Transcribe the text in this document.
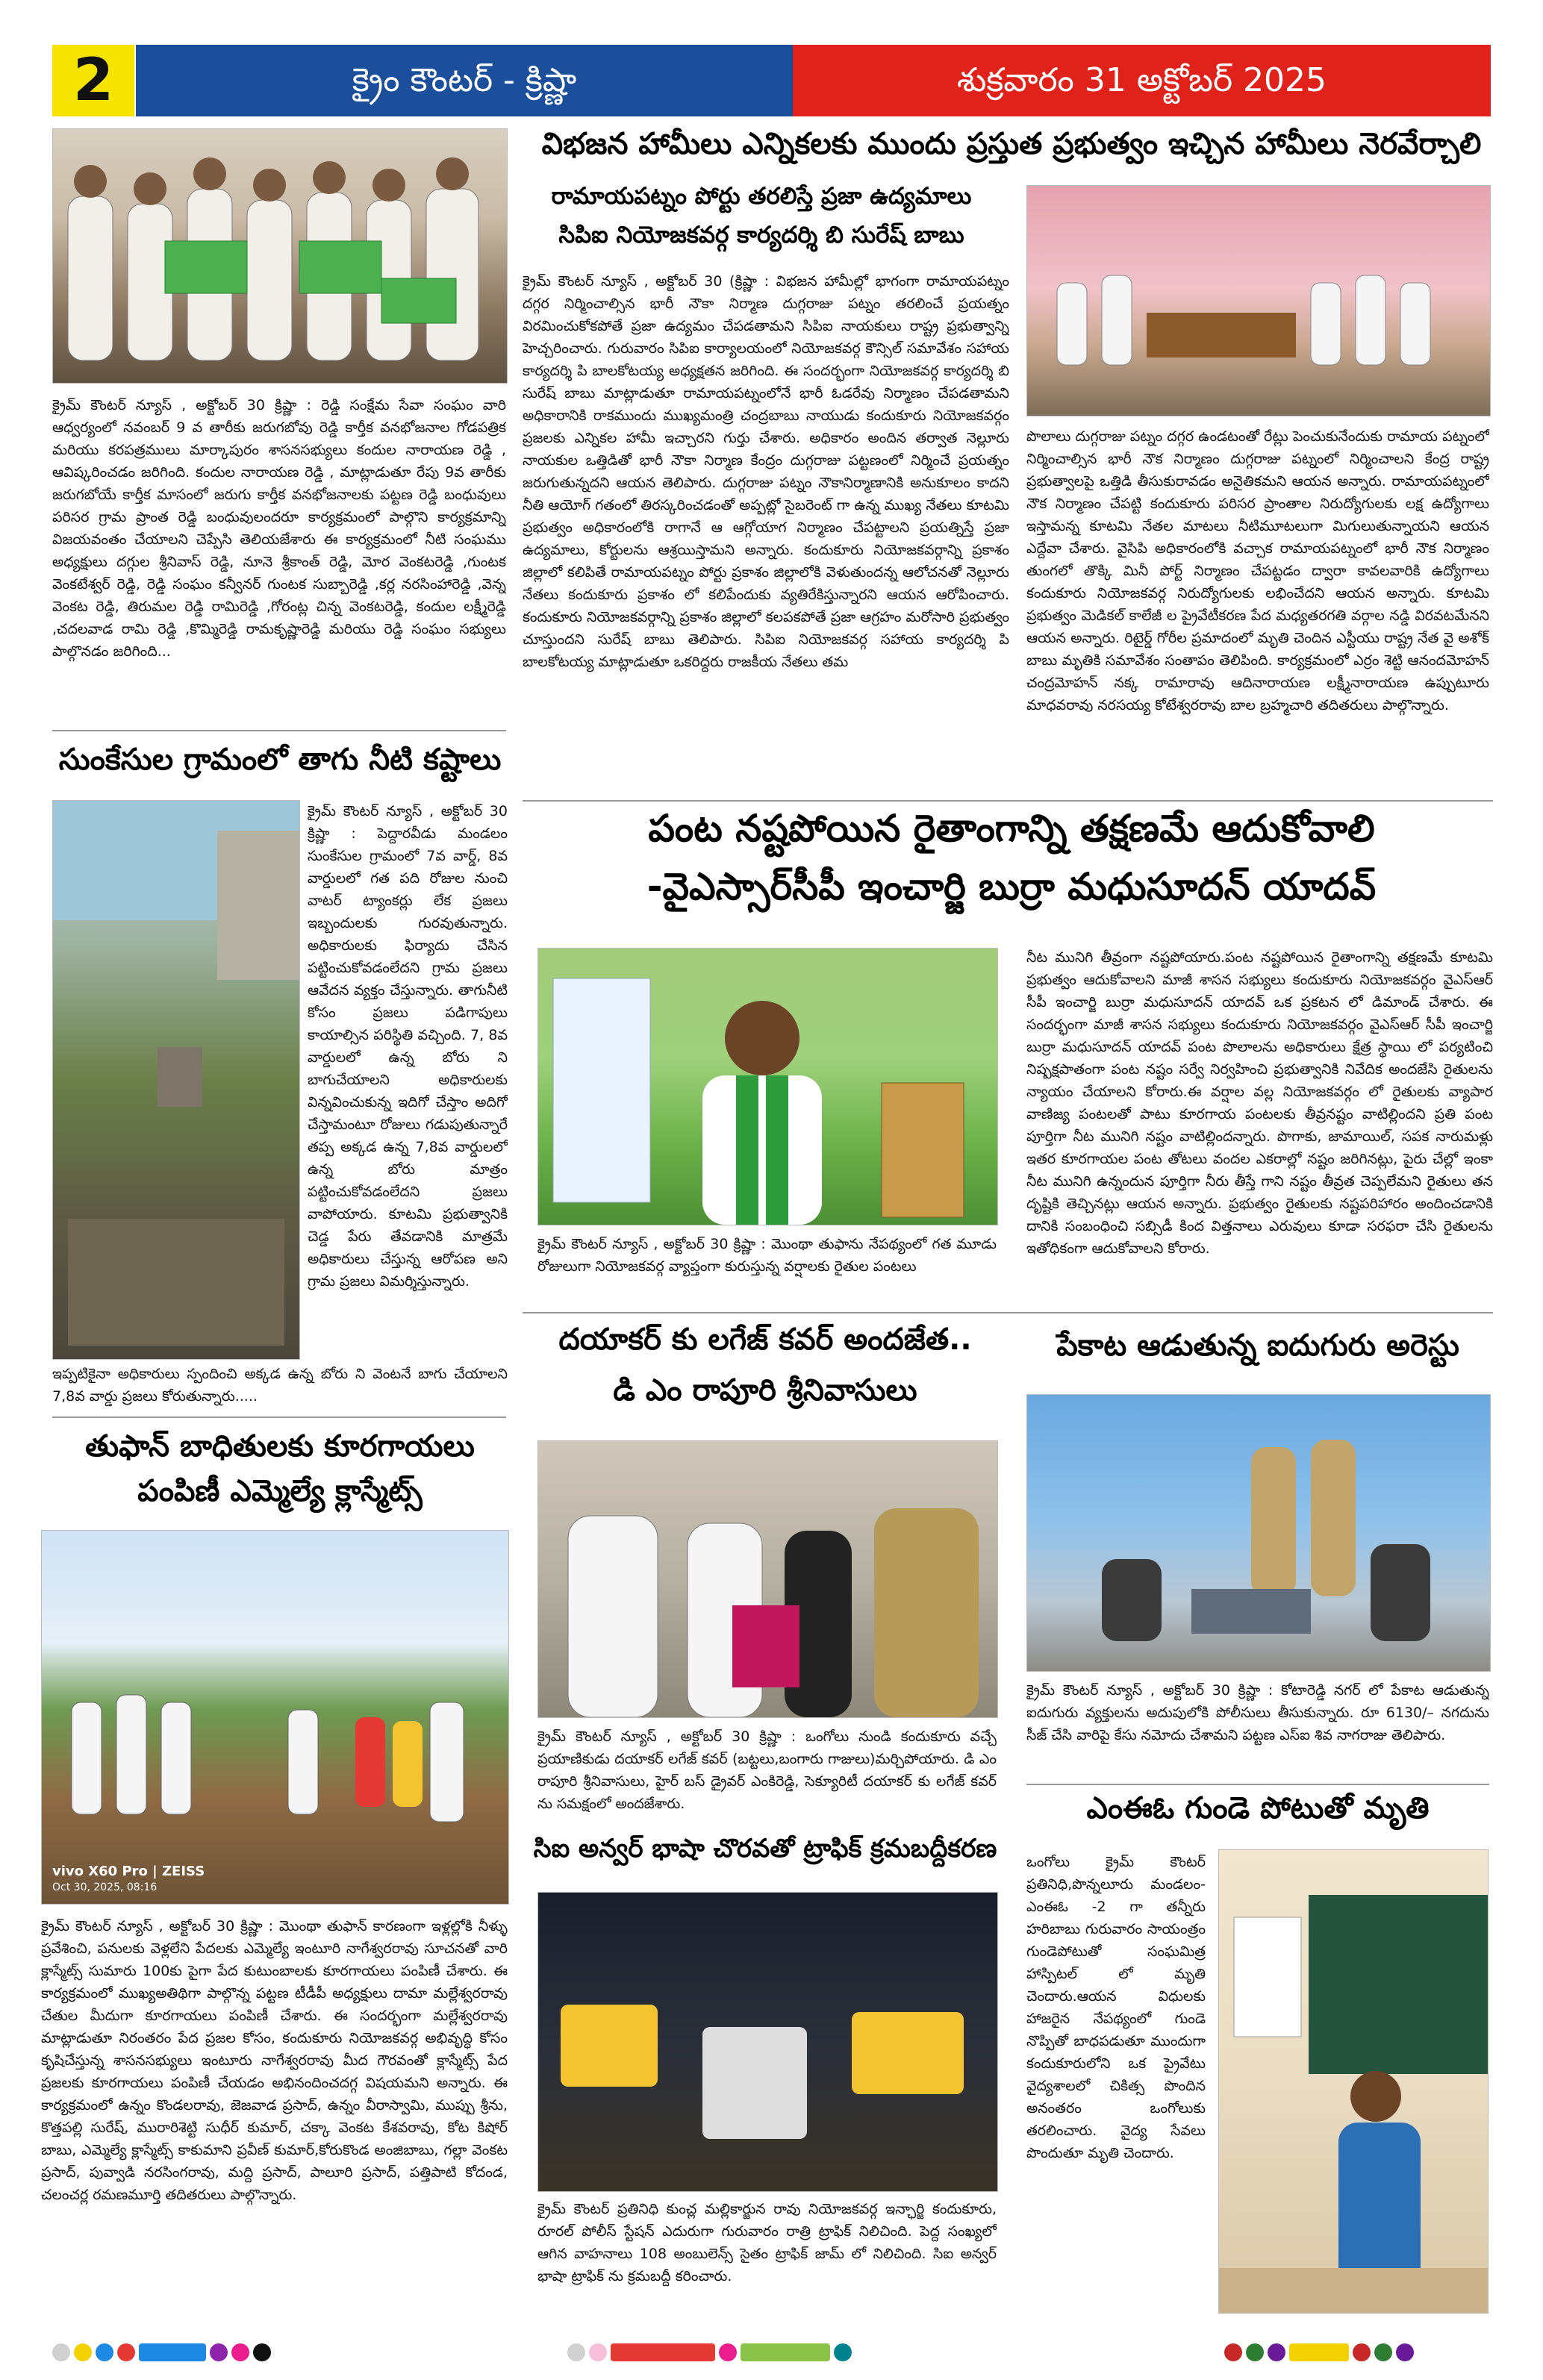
2	క్రైం కౌంటర్ - క్రిష్ణా	శుక్రవారం 31 అక్టోబర్ 2025
క్రైమ్ కౌంటర్ న్యూస్ , అక్టోబర్ 30 క్రిష్ణా : రెడ్డి సంక్షేమ సేవా సంఘం వారి ఆధ్వర్యంలో నవంబర్ 9 వ తారీకు జరుగబోవు రెడ్డి కార్తీక వనభోజనాల గోడపత్రిక మరియు కరపత్రములు మార్కాపురం శాసనసభ్యులు కందుల నారాయణ రెడ్డి , ఆవిష్కరించడం జరిగింది. కందుల నారాయణ రెడ్డి , మాట్లాడుతూ రేపు 9వ తారీకు జరుగబోయే కార్తీక మాసంలో జరుగు కార్తీక వనభోజనాలకు పట్టణ రెడ్డి బంధువులు పరిసర గ్రామ ప్రాంత రెడ్డి బంధువులందరూ కార్యక్రమంలో పాల్గొని కార్యక్రమాన్ని విజయవంతం చేయాలని చెప్పేసి తెలియజేశారు ఈ కార్యక్రమంలో నీటి సంఘము అధ్యక్షులు దగ్గుల శ్రీనివాస్ రెడ్డి, నూనె శ్రీకాంత్ రెడ్డి, మోర వెంకటరెడ్డి ,గుంటక వెంకటేశ్వర్ రెడ్డి, రెడ్డి సంఘం కన్వీనర్ గుంటక సుబ్బారెడ్డి ,కర్ల నరసింహారెడ్డి ,వెన్న వెంకట రెడ్డి, తిరుమల రెడ్డి రామిరెడ్డి ,గోరంట్ల చిన్న వెంకటరెడ్డి, కందుల లక్ష్మీరెడ్డి ,చదలవాడ రామి రెడ్డి ,కొమ్మిరెడ్డి రామకృష్ణారెడ్డి మరియు రెడ్డి సంఘం సభ్యులు పాల్గొనడం జరిగింది...
సుంకేసుల గ్రామంలో తాగు నీటి కష్టాలు
క్రైమ్ కౌంటర్ న్యూస్ , అక్టోబర్ 30 క్రిష్ణా : పెద్దారవీడు మండలం సుంకేసుల గ్రామంలో 7వ వార్డ్, 8వ వార్డులలో గత పది రోజుల నుంచి వాటర్ ట్యాంకర్లు లేక ప్రజలు ఇబ్బందులకు గురవుతున్నారు. అధికారులకు ఫిర్యాదు చేసిన పట్టించుకోవడంలేదని గ్రామ ప్రజలు ఆవేదన వ్యక్తం చేస్తున్నారు. తాగునీటి కోసం ప్రజలు పడిగాపులు కాయాల్సిన పరిస్థితి వచ్చింది. 7, 8వ వార్డులలో ఉన్న బోరు ని బాగుచేయాలని అధికారులకు విన్నవించుకున్న ఇదిగో చేస్తాం అదిగో చేస్తామంటూ రోజులు గడుపుతున్నారే తప్ప అక్కడ ఉన్న 7,8వ వార్డులలో ఉన్న బోరు మాత్రం పట్టించుకోవడంలేదని ప్రజలు వాపోయారు. కూటమి ప్రభుత్వానికి చెడ్డ పేరు తేవడానికి మాత్రమే అధికారులు చేస్తున్న ఆరోపణ అని గ్రామ ప్రజలు విమర్శిస్తున్నారు.
ఇప్పటికైనా అధికారులు స్పందించి అక్కడ ఉన్న బోరు ని వెంటనే బాగు చేయాలని 7,8వ వార్డు ప్రజలు కోరుతున్నారు.....
తుఫాన్ బాధితులకు కూరగాయలు
పంపిణీ ఎమ్మెల్యే క్లాస్మేట్స్
vivo X60 Pro | ZEISS
Oct 30, 2025, 08:16
క్రైమ్ కౌంటర్ న్యూస్ , అక్టోబర్ 30 క్రిష్ణా : మొంథా తుఫాన్ కారణంగా ఇళ్లల్లోకి నీళ్ళు ప్రవేశించి, పనులకు వెళ్లలేని పేదలకు ఎమ్మెల్యే ఇంటూరి నాగేశ్వరరావు సూచనతో వారి క్లాస్మేట్స్ సుమారు 100కు పైగా పేద కుటుంబాలకు కూరగాయలు పంపిణీ చేశారు. ఈ కార్యక్రమంలో ముఖ్యఅతిథిగా పాల్గొన్న పట్టణ టీడీపీ అధ్యక్షులు దామా మల్లేశ్వరరావు చేతుల మీదుగా కూరగాయలు పంపిణీ చేశారు. ఈ సందర్భంగా మల్లేశ్వరరావు మాట్లాడుతూ నిరంతరం పేద ప్రజల కోసం, కందుకూరు నియోజకవర్గ అభివృద్ధి కోసం కృషిచేస్తున్న శాసనసభ్యులు ఇంటూరు నాగేశ్వరరావు మీద గౌరవంతో క్లాస్మేట్స్ పేద ప్రజలకు కూరగాయలు పంపిణీ చేయడం అభినందించదగ్గ విషయమని అన్నారు. ఈ కార్యక్రమంలో ఉన్నం కొండలరావు, జెజవాడ ప్రసాద్, ఉన్నం వీరాస్వామి, ముప్పు శ్రీను, కొత్తపల్లి సురేష్, మురారిశెట్టి సుధీర్ కుమార్, చక్కా వెంకట కేశవరావు, కోట కిషోర్ బాబు, ఎమ్మెల్యే క్లాస్మేట్స్ కాకుమాని ప్రవీణ్ కుమార్,కోరుకొండ అంజిబాబు, గల్లా వెంకట ప్రసాద్, పువ్వాడి నరసింగరావు, మద్ది ప్రసాద్, పాలూరి ప్రసాద్, పత్తిపాటి కోదండ, చలంచర్ల రమణమూర్తి తదితరులు పాల్గొన్నారు.
విభజన హామీలు ఎన్నికలకు ముందు ప్రస్తుత ప్రభుత్వం ఇచ్చిన హామీలు నెరవేర్చాలి
రామాయపట్నం పోర్టు తరలిస్తే ప్రజా ఉద్యమాలు
సిపిఐ నియోజకవర్గ కార్యదర్శి బి సురేష్ బాబు
క్రైమ్ కౌంటర్ న్యూస్ , అక్టోబర్ 30 (క్రిష్ణా : విభజన హామీల్లో భాగంగా రామాయపట్నం దగ్గర నిర్మించాల్సిన భారీ నౌకా నిర్మాణ దుగ్గరాజు పట్నం తరలించే ప్రయత్నం విరమించుకోకపోతే ప్రజా ఉద్యమం చేపడతామని సిపిఐ నాయకులు రాష్ట్ర ప్రభుత్వాన్ని హెచ్చరించారు. గురువారం సిపిఐ కార్యాలయంలో నియోజకవర్గ కౌన్సిల్ సమావేశం సహాయ కార్యదర్శి పి బాలకోటయ్య అధ్యక్షతన జరిగింది. ఈ సందర్భంగా నియోజకవర్గ కార్యదర్శి బి సురేష్ బాబు మాట్లాడుతూ రామాయపట్నంలోనే భారీ ఓడరేవు నిర్మాణం చేపడతామని అధికారానికి రాకముందు ముఖ్యమంత్రి చంద్రబాబు నాయుడు కందుకూరు నియోజకవర్గం ప్రజలకు ఎన్నికల హామీ ఇచ్చారని గుర్తు చేశారు. అధికారం అందిన తర్వాత నెల్లూరు నాయకుల ఒత్తిడితో భారీ నౌకా నిర్మాణ కేంద్రం దుగ్గరాజు పట్టణంలో నిర్మించే ప్రయత్నం జరుగుతున్నదని ఆయన తెలిపారు. దుగ్గరాజు పట్నం నౌకానిర్మాణానికి అనుకూలం కాదని నీతి ఆయోగ్ గతంలో తిరస్కరించడంతో అప్పట్లో సైబరెంట్ గా ఉన్న ముఖ్య నేతలు కూటమి ప్రభుత్వం అధికారంలోకి రాగానే ఆ ఆగ్గోయాగ నిర్మాణం చేపట్టాలని ప్రయత్నిస్తే ప్రజా ఉద్యమాలు, కోర్టులను ఆశ్రయిస్తామని అన్నారు. కందుకూరు నియోజకవర్గాన్ని ప్రకాశం జిల్లాలో కలిపితే రామాయపట్నం పోర్టు ప్రకాశం జిల్లాలోకి వెళుతుందన్న ఆలోచనతో నెల్లూరు నేతలు కందుకూరు ప్రకాశం లో కలిపేందుకు వ్యతిరేకిస్తున్నారని ఆయన ఆరోపించారు. కందుకూరు నియోజకవర్గాన్ని ప్రకాశం జిల్లాలో కలపకపోతే ప్రజా ఆగ్రహం మరోసారి ప్రభుత్వం చూస్తుందని సురేష్ బాబు తెలిపారు. సిపిఐ నియోజకవర్గ సహాయ కార్యదర్శి పి బాలకోటయ్య మాట్లాడుతూ ఒకరిద్దరు రాజకీయ నేతలు తమ
పొలాలు దుగ్గరాజు పట్నం దగ్గర ఉండటంతో రేట్లు పెంచుకునేందుకు రామాయ పట్నంలో నిర్మించాల్సిన భారీ నౌక నిర్మాణం దుగ్గరాజు పట్నంలో నిర్మించాలని కేంద్ర రాష్ట్ర ప్రభుత్వాలపై ఒత్తిడి తీసుకురావడం అనైతికమని ఆయన అన్నారు. రామాయపట్నంలో నౌక నిర్మాణం చేపట్టి కందుకూరు పరిసర ప్రాంతాల నిరుద్యోగులకు లక్ష ఉద్యోగాలు ఇస్తామన్న కూటమి నేతల మాటలు నీటిమూటలుగా మిగులుతున్నాయని ఆయన ఎద్దేవా చేశారు. వైసిపి అధికారంలోకి వచ్చాక రామాయపట్నంలో భారీ నౌక నిర్మాణం తుంగలో తొక్కి మినీ పోర్ట్ నిర్మాణం చేపట్టడం ద్వారా కావలవారికి ఉద్యోగాలు కందుకూరు నియోజకవర్గ నిరుద్యోగులకు లభించేదని ఆయన అన్నారు. కూటమి ప్రభుత్వం మెడికల్ కాలేజీ ల ప్రైవేటీకరణ పేద మధ్యతరగతి వర్గాల నడ్డి విరవటమేనని ఆయన అన్నారు. రిటైర్డ్ గోరీల ప్రమాదంలో మృతి చెందిన ఎస్టీయు రాష్ట్ర నేత వై అశోక్ బాబు మృతికి సమావేశం సంతాపం తెలిపింది. కార్యక్రమంలో ఎర్రం శెట్టి ఆనందమోహన్ చంద్రమోహన్ నక్క రామారావు ఆదినారాయణ లక్ష్మీనారాయణ ఉప్పుటూరు మాధవరావు నరసయ్య కోటేశ్వరరావు బాల బ్రహ్మచారి తదితరులు పాల్గొన్నారు.
పంట నష్టపోయిన రైతాంగాన్ని తక్షణమే ఆదుకోవాలి
-వైఎస్సార్‌సీపీ ఇంచార్జి బుర్రా మధుసూదన్ యాదవ్
క్రైమ్ కౌంటర్ న్యూస్ , అక్టోబర్ 30 క్రిష్ణా : మొంథా తుఫాను నేపథ్యంలో గత మూడు రోజులుగా నియోజకవర్గ వ్యాప్తంగా కురుస్తున్న వర్షాలకు రైతుల పంటలు
నీట మునిగి తీవ్రంగా నష్టపోయారు.పంట నష్టపోయిన రైతాంగాన్ని తక్షణమే కూటమి ప్రభుత్వం ఆదుకోవాలని మాజీ శాసన సభ్యులు కందుకూరు నియోజకవర్గం వైఎస్ఆర్ సీపీ ఇంచార్జి బుర్రా మధుసూదన్ యాదవ్ ఒక ప్రకటన లో డిమాండ్ చేశారు. ఈ సందర్భంగా మాజీ శాసన సభ్యులు కందుకూరు నియోజకవర్గం వైఎస్ఆర్ సీపీ ఇంచార్జి బుర్రా మధుసూదన్ యాదవ్ పంట పొలాలను అధికారులు క్షేత్ర స్థాయి లో పర్యటించి నిష్పక్షపాతంగా పంట నష్టం సర్వే నిర్వహించి ప్రభుత్వానికి నివేదిక అందజేసి రైతులను న్యాయం చేయాలని కోరారు.ఈ వర్షాల వల్ల నియోజకవర్గం లో రైతులకు వ్యాపార వాణిజ్య పంటలతో పాటు కూరగాయ పంటలకు తీవ్రనష్టం వాటిల్లిందని ప్రతి పంట పూర్తిగా నీట మునిగి నష్టం వాటిల్లిందన్నారు. పొగాకు, జామాయిల్, సపక నారుమళ్లు ఇతర కూరగాయల పంట తోటలు వందల ఎకరాల్లో నష్టం జరిగినట్లు, పైరు చేల్లో ఇంకా నీట మునిగి ఉన్నందున పూర్తిగా నీరు తీస్తే గాని నష్టం తీవ్రత చెప్పలేమని రైతులు తన దృష్టికి తెచ్చినట్లు ఆయన అన్నారు. ప్రభుత్వం రైతులకు నష్టపరిహారం అందించడానికి దానికి సంబంధించి సబ్సిడీ కింద విత్తనాలు ఎరువులు కూడా సరఫరా చేసి రైతులను ఇతోధికంగా ఆదుకోవాలని కోరారు.
దయాకర్ కు లగేజ్ కవర్ అందజేత..
డి ఎం రాపూరి శ్రీనివాసులు
క్రైమ్ కౌంటర్ న్యూస్ , అక్టోబర్ 30 క్రిష్ణా : ఒంగోలు నుండి కందుకూరు వచ్చే ప్రయాణికుడు దయాకర్ లగేజ్ కవర్ (బట్టలు,బంగారు గాజులు)మర్చిపోయారు. డి ఎం రాపూరి శ్రీనివాసులు, హైర్ బస్ డ్రైవర్ ఎంకిరెడ్డి, సెక్యూరిటీ దయాకర్ కు లగేజ్ కవర్ ను సమక్షంలో అందజేశారు.
సిఐ అన్వర్ భాషా చొరవతో ట్రాఫిక్ క్రమబద్దీకరణ
క్రైమ్ కౌంటర్ ప్రతినిధి కుంచ్ల మల్లికార్జున రావు నియోజకవర్గ ఇన్ఛార్జి కందుకూరు, రూరల్ పోలీస్ స్టేషన్ ఎదురుగా గురువారం రాత్రి ట్రాఫిక్ నిలిచింది. పెద్ద సంఖ్యలో ఆగిన వాహనాలు 108 అంబులెన్స్ సైతం ట్రాఫిక్ జామ్ లో నిలిచింది. సిఐ అన్వర్ భాషా ట్రాఫిక్ ను క్రమబద్దీ కరించారు.
పేకాట ఆడుతున్న ఐదుగురు అరెస్టు
క్రైమ్ కౌంటర్ న్యూస్ , అక్టోబర్ 30 క్రిష్ణా : కోటారెడ్డి నగర్ లో పేకాట ఆడుతున్న ఐదుగురు వ్యక్తులను అదుపులోకి పోలీసులు తీసుకున్నారు. రూ 6130/– నగదును సీజ్ చేసి వారిపై కేసు నమోదు చేశామని పట్టణ ఎస్ఐ శివ నాగరాజు తెలిపారు.
ఎంఈఓ గుండె పోటుతో మృతి
ఒంగోలు క్రైమ్ కౌంటర్ ప్రతినిధి,పొన్నలూరు మండలం- ఎంఈఓ -2 గా తన్నీరు హరిబాబు గురువారం సాయంత్రం గుండెపోటుతో సంఘమిత్ర హాస్పిటల్ లో మృతి చెందారు.ఆయన విధులకు హాజరైన నేపథ్యంలో గుండె నొప్పితో బాధపడుతూ ముందుగా కందుకూరులోని ఒక ప్రైవేటు వైద్యశాలలో చికిత్స పొందిన అనంతరం ఒంగోలుకు తరలించారు. వైద్య సేవలు పొందుతూ మృతి చెందారు.
